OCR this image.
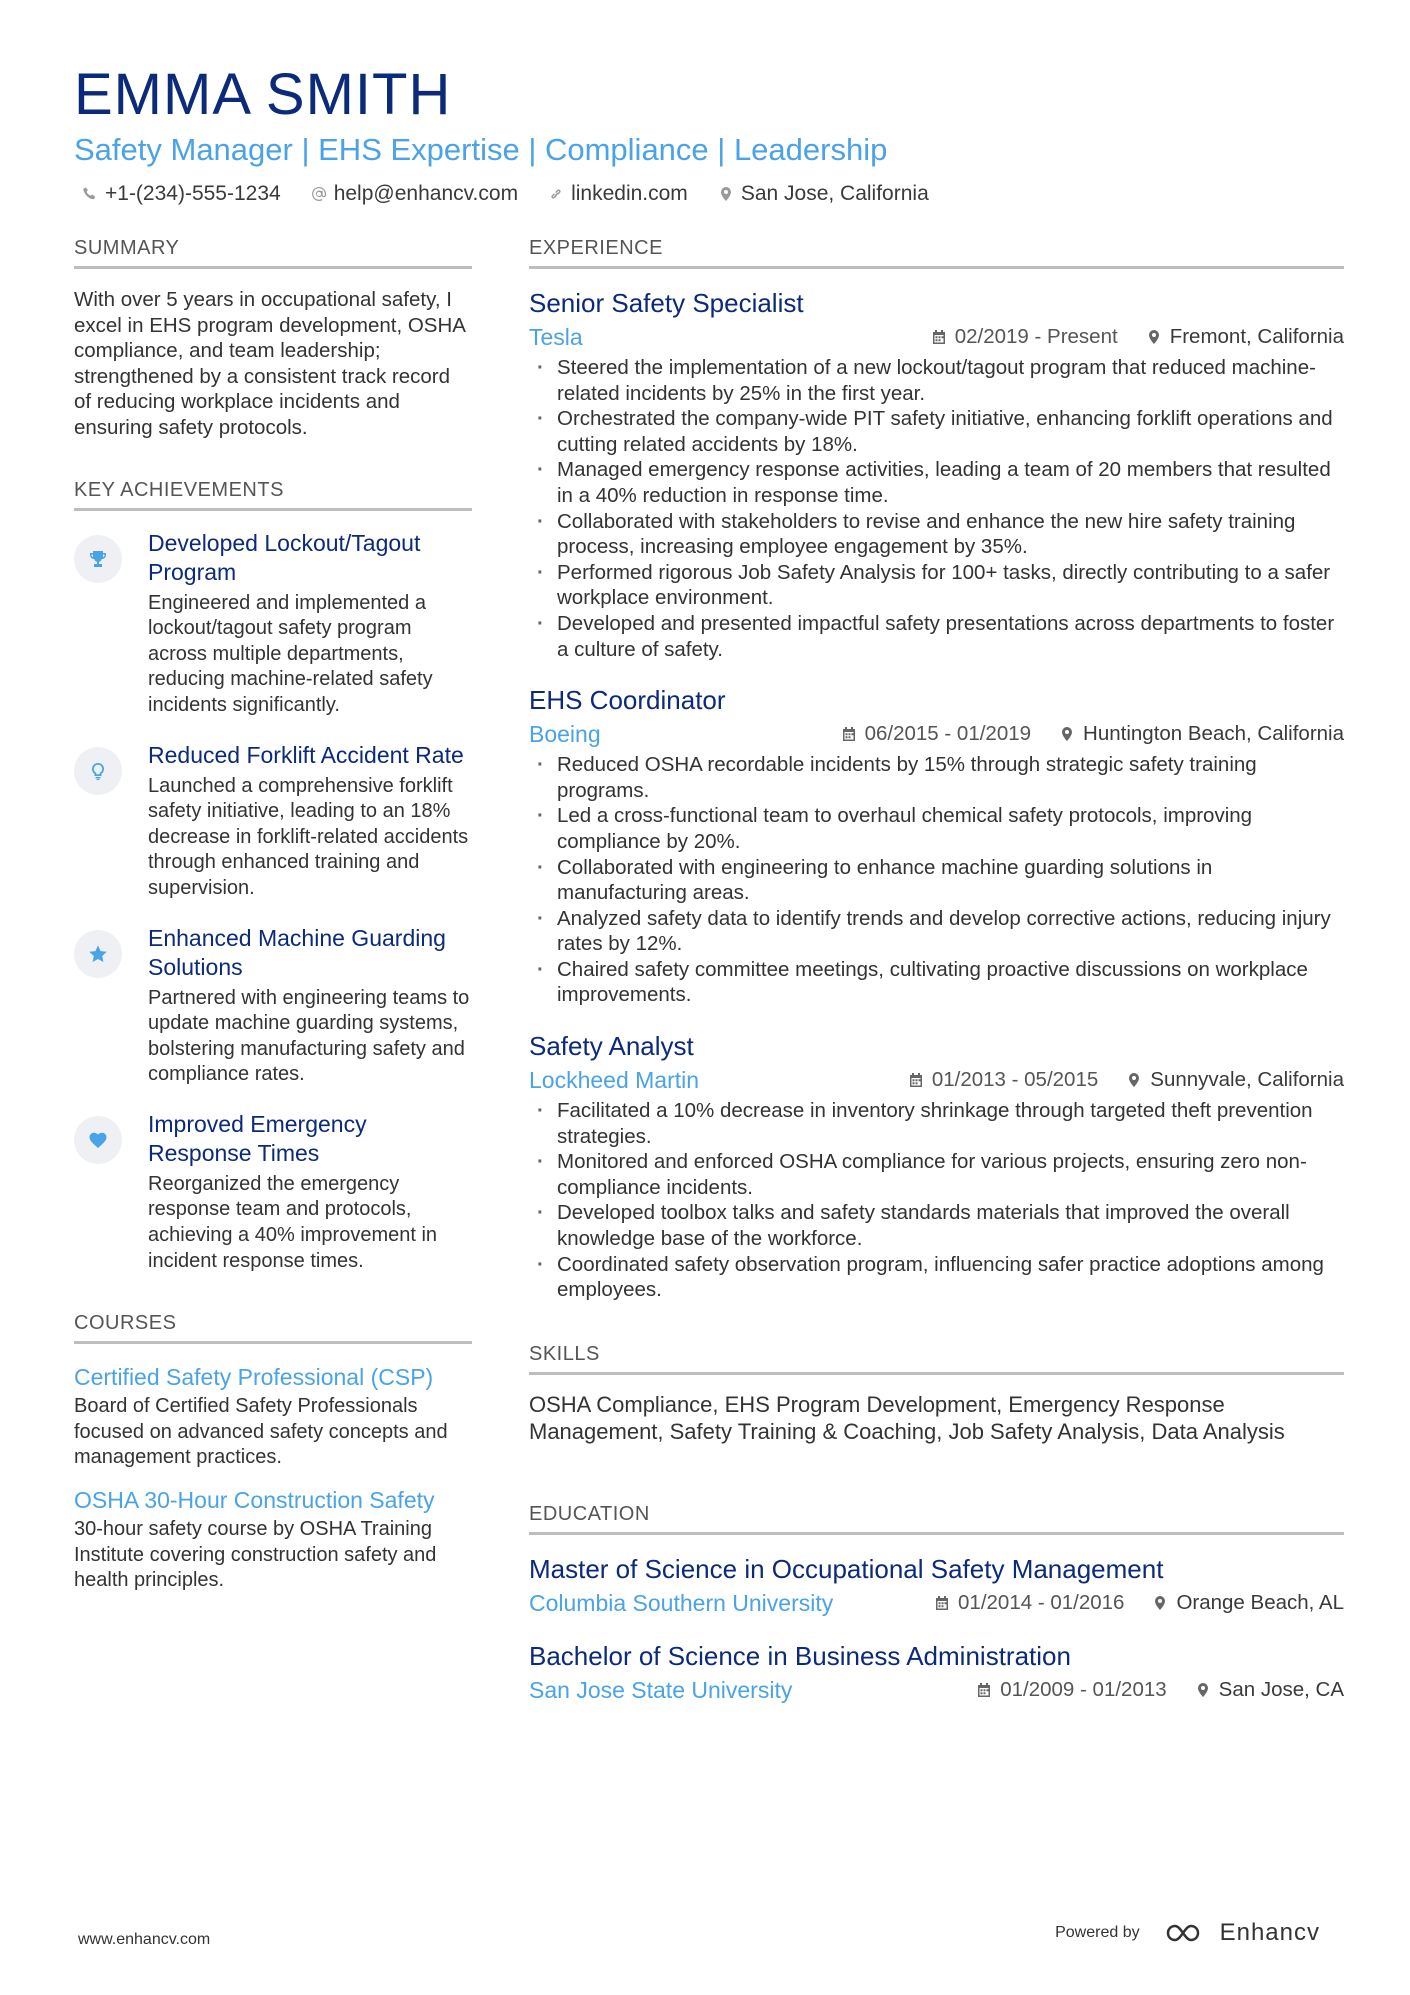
EMMA SMITH
Safety Manager | EHS Expertise | Compliance | Leadership
+1-(234)-555-1234	help@enhancv.com	linkedin.com	San Jose, California
SUMMARY
With over 5 years in occupational safety, I excel in EHS program development, OSHA compliance, and team leadership; strengthened by a consistent track record of reducing workplace incidents and ensuring safety protocols.
KEY ACHIEVEMENTS
Developed Lockout/Tagout Program
Engineered and implemented a lockout/tagout safety program across multiple departments, reducing machine-related safety incidents significantly.
Reduced Forklift Accident Rate
Launched a comprehensive forklift safety initiative, leading to an 18% decrease in forklift-related accidents through enhanced training and supervision.
Enhanced Machine Guarding Solutions
Partnered with engineering teams to update machine guarding systems, bolstering manufacturing safety and compliance rates.
Improved Emergency Response Times
Reorganized the emergency response team and protocols, achieving a 40% improvement in incident response times.
COURSES
Certified Safety Professional (CSP)
Board of Certified Safety Professionals focused on advanced safety concepts and management practices.
OSHA 30-Hour Construction Safety
30-hour safety course by OSHA Training Institute covering construction safety and health principles.
EXPERIENCE
Senior Safety Specialist
Tesla	02/2019 - Present	Fremont, California
· Steered the implementation of a new lockout/tagout program that reduced machine-related incidents by 25% in the first year.
· Orchestrated the company-wide PIT safety initiative, enhancing forklift operations and cutting related accidents by 18%.
· Managed emergency response activities, leading a team of 20 members that resulted in a 40% reduction in response time.
· Collaborated with stakeholders to revise and enhance the new hire safety training process, increasing employee engagement by 35%.
· Performed rigorous Job Safety Analysis for 100+ tasks, directly contributing to a safer workplace environment.
· Developed and presented impactful safety presentations across departments to foster a culture of safety.
EHS Coordinator
Boeing	06/2015 - 01/2019	Huntington Beach, California
· Reduced OSHA recordable incidents by 15% through strategic safety training programs.
· Led a cross-functional team to overhaul chemical safety protocols, improving compliance by 20%.
· Collaborated with engineering to enhance machine guarding solutions in manufacturing areas.
· Analyzed safety data to identify trends and develop corrective actions, reducing injury rates by 12%.
· Chaired safety committee meetings, cultivating proactive discussions on workplace improvements.
Safety Analyst
Lockheed Martin	01/2013 - 05/2015	Sunnyvale, California
· Facilitated a 10% decrease in inventory shrinkage through targeted theft prevention strategies.
· Monitored and enforced OSHA compliance for various projects, ensuring zero non-compliance incidents.
· Developed toolbox talks and safety standards materials that improved the overall knowledge base of the workforce.
· Coordinated safety observation program, influencing safer practice adoptions among employees.
SKILLS
OSHA Compliance, EHS Program Development, Emergency Response Management, Safety Training & Coaching, Job Safety Analysis, Data Analysis
EDUCATION
Master of Science in Occupational Safety Management
Columbia Southern University	01/2014 - 01/2016	Orange Beach, AL
Bachelor of Science in Business Administration
San Jose State University	01/2009 - 01/2013	San Jose, CA
www.enhancv.com	Powered by	Enhancv
